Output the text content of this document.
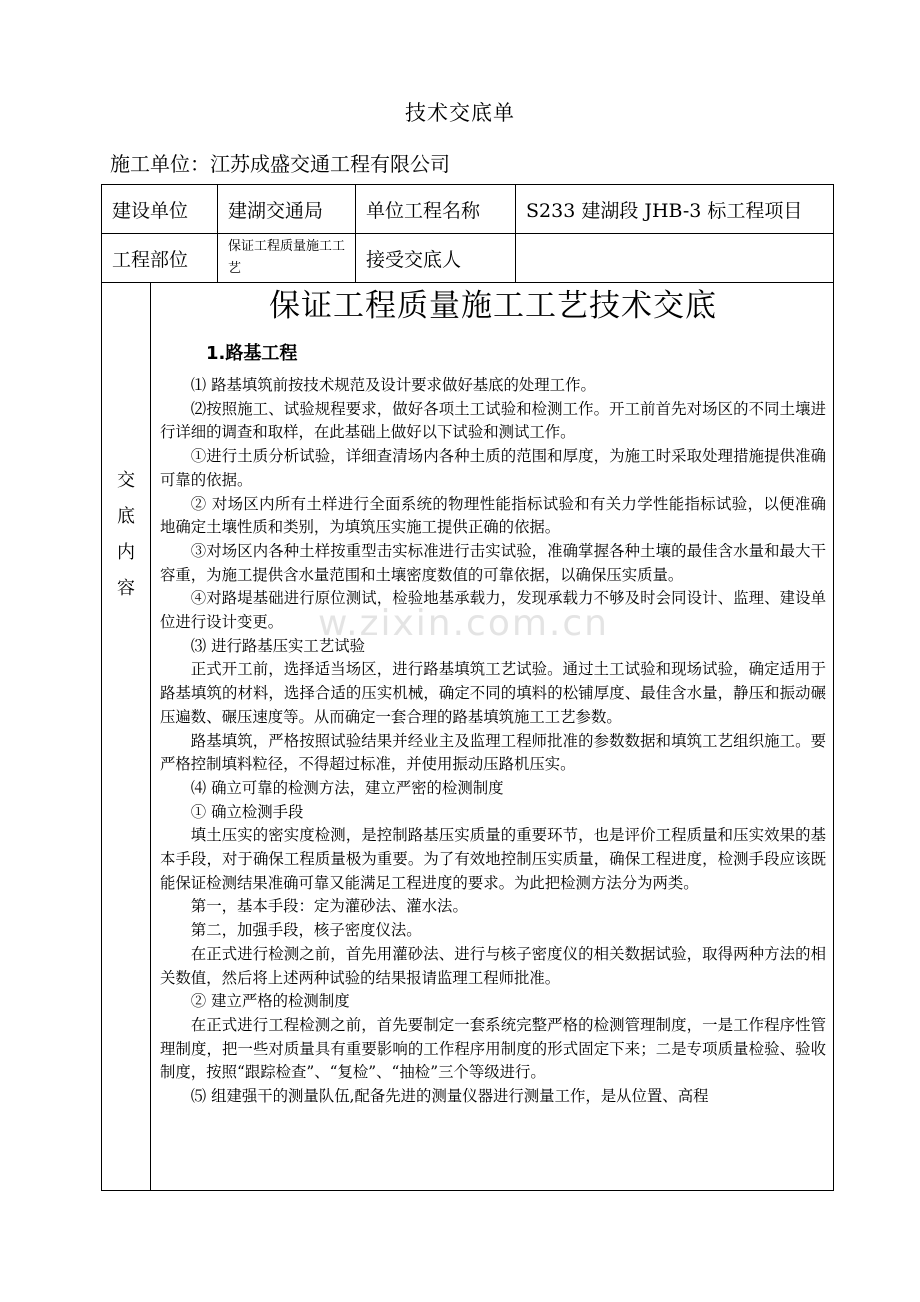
技术交底单
施工单位：江苏成盛交通工程有限公司
建设单位	建湖交通局	单位工程名称	S233 建湖段 JHB-3 标工程项目
工程部位	保证工程质量施工工艺	接受交底人	
交
底
内
容
保证工程质量施工工艺技术交底
1.路基工程

⑴ 路基填筑前按技术规范及设计要求做好基底的处理工作。

⑵按照施工、试验规程要求，做好各项土工试验和检测工作。开工前首先对场区的不同土壤进行详细的调查和取样，在此基础上做好以下试验和测试工作。

①进行土质分析试验，详细查清场内各种土质的范围和厚度，为施工时采取处理措施提供准确可靠的依据。

② 对场区内所有土样进行全面系统的物理性能指标试验和有关力学性能指标试验，以便准确地确定土壤性质和类别，为填筑压实施工提供正确的依据。

③对场区内各种土样按重型击实标准进行击实试验，准确掌握各种土壤的最佳含水量和最大干容重，为施工提供含水量范围和土壤密度数值的可靠依据，以确保压实质量。

④对路堤基础进行原位测试，检验地基承载力，发现承载力不够及时会同设计、监理、建设单位进行设计变更。

⑶ 进行路基压实工艺试验

正式开工前，选择适当场区，进行路基填筑工艺试验。通过土工试验和现场试验，确定适用于路基填筑的材料，选择合适的压实机械，确定不同的填料的松铺厚度、最佳含水量，静压和振动碾压遍数、碾压速度等。从而确定一套合理的路基填筑施工工艺参数。

路基填筑，严格按照试验结果并经业主及监理工程师批准的参数数据和填筑工艺组织施工。要严格控制填料粒径，不得超过标准，并使用振动压路机压实。

⑷ 确立可靠的检测方法，建立严密的检测制度

① 确立检测手段

填土压实的密实度检测，是控制路基压实质量的重要环节，也是评价工程质量和压实效果的基本手段，对于确保工程质量极为重要。为了有效地控制压实质量，确保工程进度，检测手段应该既能保证检测结果准确可靠又能满足工程进度的要求。为此把检测方法分为两类。

第一，基本手段：定为灌砂法、灌水法。

第二，加强手段，核子密度仪法。

在正式进行检测之前，首先用灌砂法、进行与核子密度仪的相关数据试验，取得两种方法的相关数值，然后将上述两种试验的结果报请监理工程师批准。

② 建立严格的检测制度

在正式进行工程检测之前，首先要制定一套系统完整严格的检测管理制度，一是工作程序性管理制度，把一些对质量具有重要影响的工作程序用制度的形式固定下来；二是专项质量检验、验收制度，按照“跟踪检查”、“复检”、“抽检”三个等级进行。

⑸ 组建强干的测量队伍,配备先进的测量仪器进行测量工作，是从位置、高程

w.zixin.com.cn
